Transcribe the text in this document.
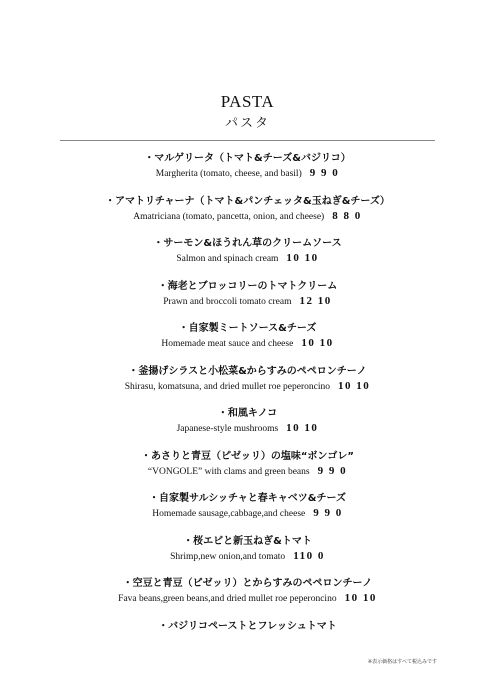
PASTA
パスタ
・マルゲリータ（トマト&チーズ&バジリコ）
Margherita (tomato, cheese, and basil) 9 9 0
・アマトリチャーナ（トマト&パンチェッタ&玉ねぎ&チーズ）
Amatriciana (tomato, pancetta, onion, and cheese) 8 8 0
・サーモン&ほうれん草のクリームソース
Salmon and spinach cream 10 10
・海老とブロッコリーのトマトクリーム
Prawn and broccoli tomato cream 12 10
・自家製ミートソース&チーズ
Homemade meat sauce and cheese 10 10
・釜揚げシラスと小松菜&からすみのペペロンチーノ
Shirasu, komatsuna, and dried mullet roe peperoncino 10 10
・和風キノコ
Japanese-style mushrooms 10 10
・あさりと青豆（ピゼッリ）の塩味“ボンゴレ”
“VONGOLE” with clams and green beans 9 9 0
・自家製サルシッチャと春キャベツ&チーズ
Homemade sausage,cabbage,and cheese 9 9 0
・桜エビと新玉ねぎ&トマト
Shrimp,new onion,and tomato 110 0
・空豆と青豆（ピゼッリ）とからすみのペペロンチーノ
Fava beans,green beans,and dried mullet roe peperoncino 10 10
・バジリコペーストとフレッシュトマト
※表示価格はすべて税込みです
